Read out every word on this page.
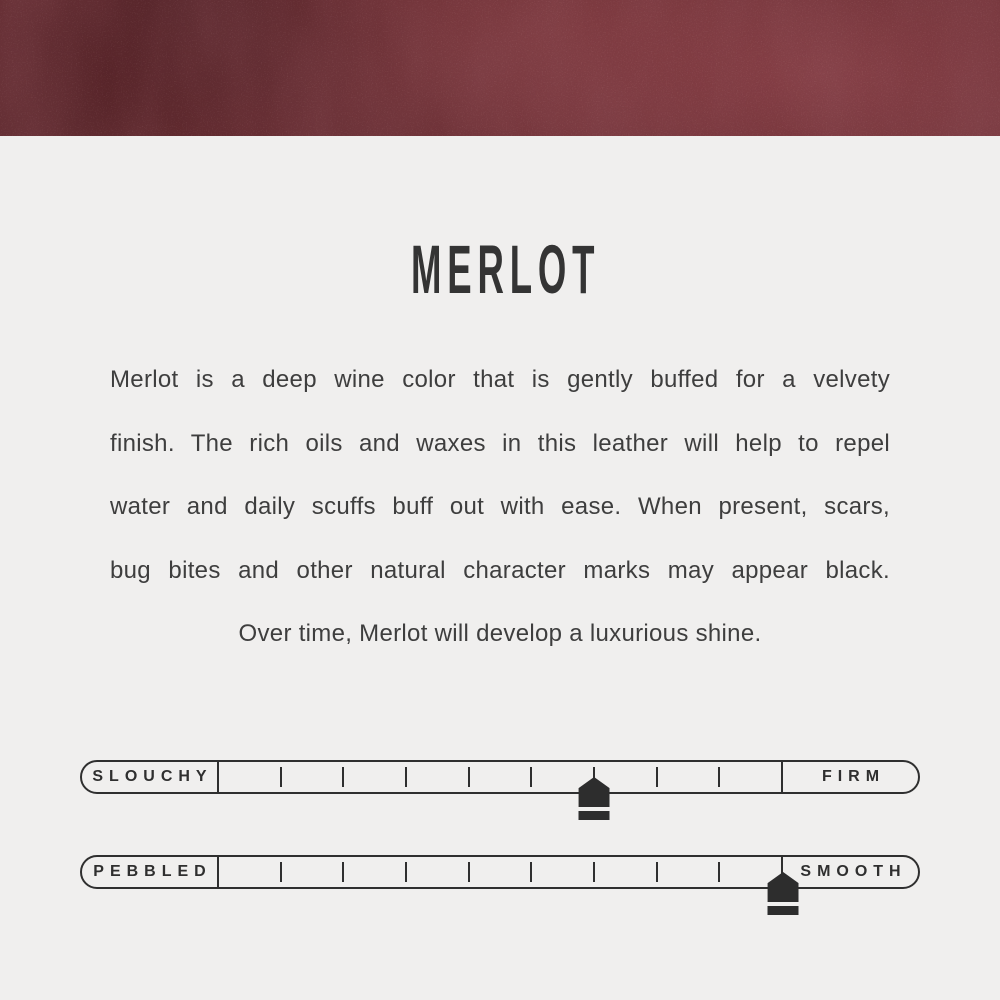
MERLOT

Merlot is a deep wine color that is gently buffed for a velvety

finish. The rich oils and waxes in this leather will help to repel

water and daily scuffs buff out with ease. When present, scars,

bug bites and other natural character marks may appear black.

Over time, Merlot will develop a luxurious shine.

SLOUCHY	FIRM
PEBBLED	SMOOTH
